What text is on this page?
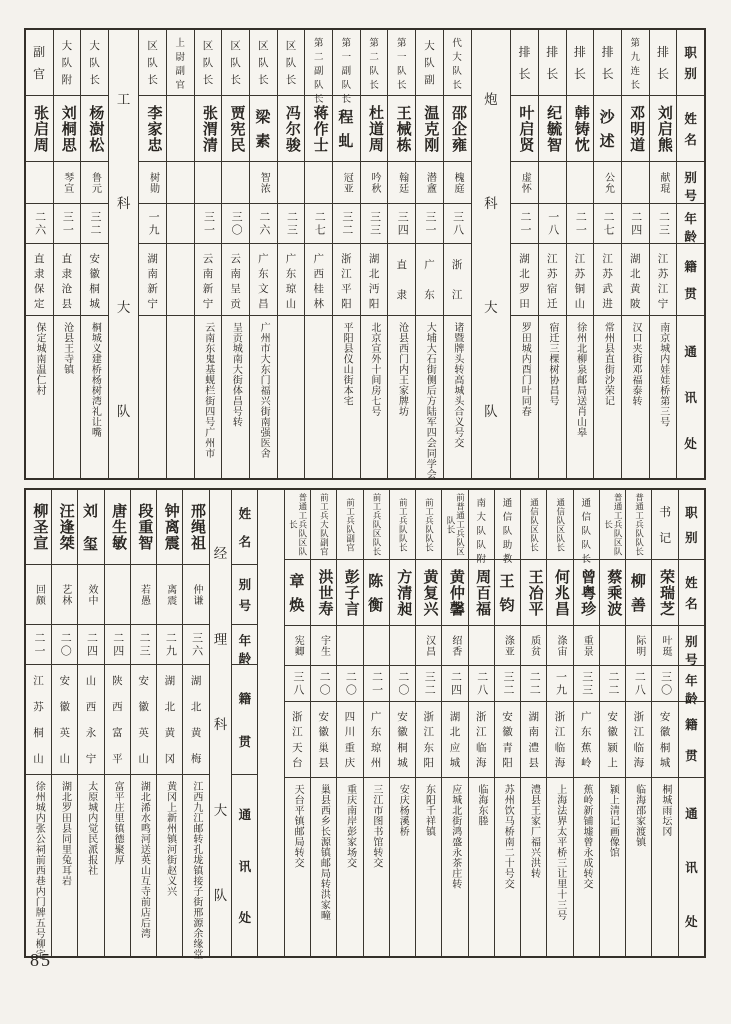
职
别
姓
名
别
号
年
龄
籍
贯
通
讯
处
排
长
刘启熊
献琨
二三
江
苏
江
宁
南京城内娃娃桥第三号
第
九
连
长
邓明道
二四
湖
北
黄
陂
汉口夹街邓福泰转
排
长
沙
述
公允
二七
江
苏
武
进
常州县直街沙荣记
排
长
韩铸忱
二一
江
苏
铜
山
徐州北柳泉邮局送肖山皋
排
长
纪毓智
一八
江
苏
宿
迁
宿迁三棵树协昌号
排
长
叶启贤
虚怀
二一
湖
北
罗
田
罗田城内酉门叶同春
炮
科
大
队
代
大
队
长
邵企雍
槐庭
三八
浙
江
诸暨牌头转高城头合义号交
大
队
副
温克刚
潜盦
三一
广
东
大埔大石街侧后方陆军四会同学会
第
一
队
长
王械栋
翰廷
三四
直
隶
沧县西门内王家牌坊
第
二
队
长
杜道周
吟秋
三三
湖
北
沔
阳
北京宣外十间房七号
第
一
副
队
长
程
虬
冠亚
三二
浙
江
平
阳
平阳县仪山街本宅
第
二
副
队
长
蒋作士
二七
广
西
桂
林
区
队
长
冯尔骏
二三
广
东
琼
山
区
队
长
梁
素
智浓
二六
广
东
文
昌
广州市大东门福兴街南强医舍
区
队
长
贾宪民
三〇
云
南
呈
贡
呈贡城南大街体昌号转
区
队
长
张渭清
三一
云
南
新
宁
云南东鬼基蚬栏街四号广州市
上
尉
副
官
区
队
长
李家忠
树勋
一九
湖
南
新
宁
工
科
大
队
大
队
长
杨澍松
鲁元
三二
安
徽
桐
城
桐城义建桥杨树湾礼让嘴
大
队
附
刘桐思
琴宣
三一
直
隶
沧
县
沧县王寺镇
副
官
张启周
二六
直
隶
保
定
保定城南温仁村
职
别
姓
名
别
号
年
龄
籍
贯
通
讯
处
书
记
荣瑞芝
叶珽
三〇
安
徽
桐
城
桐城雨坛冈
普通工兵队队长
柳
善
际明
二八
浙
江
临
海
临海邵家渡镇
普通工兵队区队长
蔡乘波
二二
安
徽
颍
上
颍上清记画像馆
通
信
队
队
长
曾粤珍
重景
三三
广
东
蕉
岭
蕉岭新铺墟曾永成转交
通信队区队长
何兆昌
涤宙
一九
浙
江
临
海
上海法界太平桥三让里十三号
通信队区队长
王冶平
质贫
二二
湖
南
澧
县
澧县王家厂福兴洪转
通
信
队
助
教
王
钧
涤亚
三二
安
徽
青
阳
苏州饮马桥南二十号交
南
大
队
队
附
周百福
二八
浙
江
临
海
临海东塍
前普通工兵队区队长
黄仲馨
绍香
二四
湖
北
应
城
应城北街鸿盛永茶庄转
前工兵队队长
黄复兴
汉昌
三二
浙
江
东
阳
东阳千祥镇
前工兵队队长
方清昶
二〇
安
徽
桐
城
安庆杨溪桥
前工兵队区队长
陈
衡
二一
广
东
琼
州
三江市图书馆转交
前工兵队副官
彭子言
二〇
四
川
重
庆
重庆南岸彭家场交
前工兵大队副官
洪世寿
宇生
二〇
安
徽
巢
县
巢县西乡长源镇邮局转洪家疃
普通工兵队区队长
章
焕
宪卿
三八
浙
江
天
台
天台平镇邮局转交
姓
名
别
号
年
龄
籍
贯
通
讯
处
经
理
科
大
队
邢绳祖
仲谦
三六
湖
北
黄
梅
江西九江邮转孔垅镇接子街邢源余缘堂
钟离震
离震
二九
湖
北
黄
冈
黄冈上新州镇河街赵义兴
段重智
若愚
二三
安
徽
英
山
湖北浠水鸣河送英山互寺前店后湾
唐生敏
二四
陕
西
富
平
富平庄里镇德聚厚
刘
玺
效中
二四
山
西
永
宁
太原城内觉民派报社
汪逢桀
艺林
二〇
安
徽
英
山
湖北罗田县同里兔耳岩
柳圣宣
回颇
二一
江
苏
桐
山
徐州城内张公祠前西巷内门牌五号柳宅
85
